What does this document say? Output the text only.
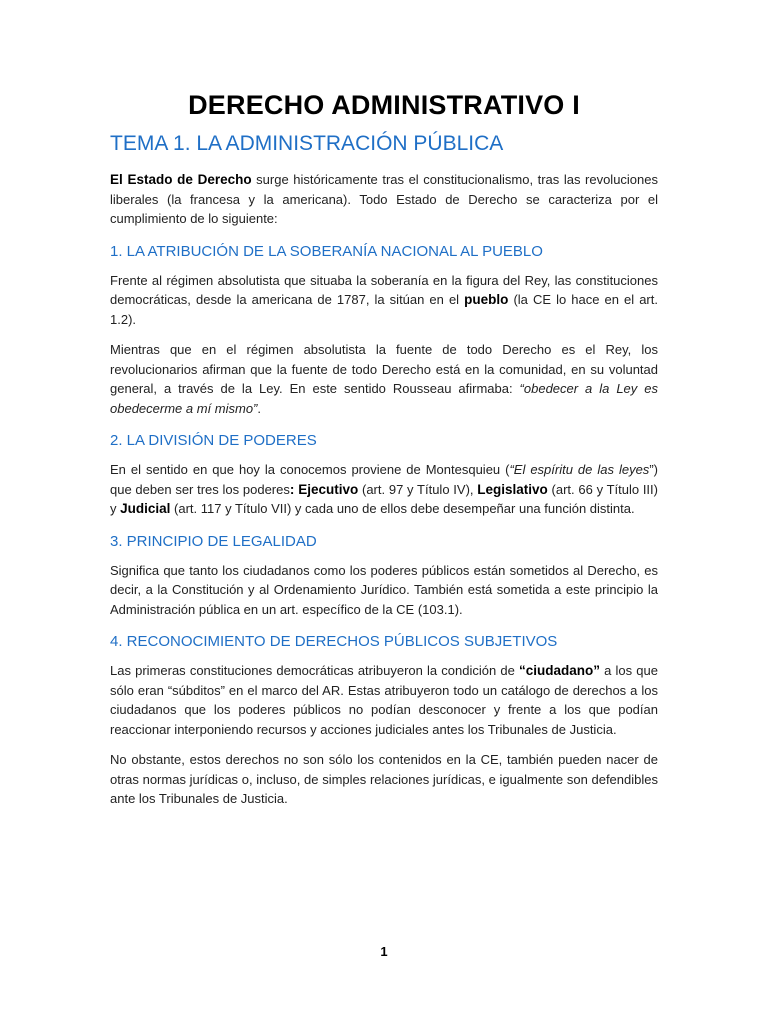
DERECHO ADMINISTRATIVO I
TEMA 1. LA ADMINISTRACIÓN PÚBLICA

El Estado de Derecho surge históricamente tras el constitucionalismo, tras las revoluciones liberales (la francesa y la americana). Todo Estado de Derecho se caracteriza por el cumplimiento de lo siguiente:

1. LA ATRIBUCIÓN DE LA SOBERANÍA NACIONAL AL PUEBLO

Frente al régimen absolutista que situaba la soberanía en la figura del Rey, las constituciones democráticas, desde la americana de 1787, la sitúan en el pueblo (la CE lo hace en el art. 1.2).

Mientras que en el régimen absolutista la fuente de todo Derecho es el Rey, los revolucionarios afirman que la fuente de todo Derecho está en la comunidad, en su voluntad general, a través de la Ley. En este sentido Rousseau afirmaba: “obedecer a la Ley es obedecerme a mí mismo”.

2. LA DIVISIÓN DE PODERES

En el sentido en que hoy la conocemos proviene de Montesquieu (“El espíritu de las leyes”) que deben ser tres los poderes: Ejecutivo (art. 97 y Título IV), Legislativo (art. 66 y Título III) y Judicial (art. 117 y Título VII) y cada uno de ellos debe desempeñar una función distinta.

3. PRINCIPIO DE LEGALIDAD

Significa que tanto los ciudadanos como los poderes públicos están sometidos al Derecho, es decir, a la Constitución y al Ordenamiento Jurídico. También está sometida a este principio la Administración pública en un art. específico de la CE (103.1).

4. RECONOCIMIENTO DE DERECHOS PÚBLICOS SUBJETIVOS

Las primeras constituciones democráticas atribuyeron la condición de “ciudadano” a los que sólo eran “súbditos” en el marco del AR. Estas atribuyeron todo un catálogo de derechos a los ciudadanos que los poderes públicos no podían desconocer y frente a los que podían reaccionar interponiendo recursos y acciones judiciales antes los Tribunales de Justicia.

No obstante, estos derechos no son sólo los contenidos en la CE, también pueden nacer de otras normas jurídicas o, incluso, de simples relaciones jurídicas, e igualmente son defendibles ante los Tribunales de Justicia.

1
